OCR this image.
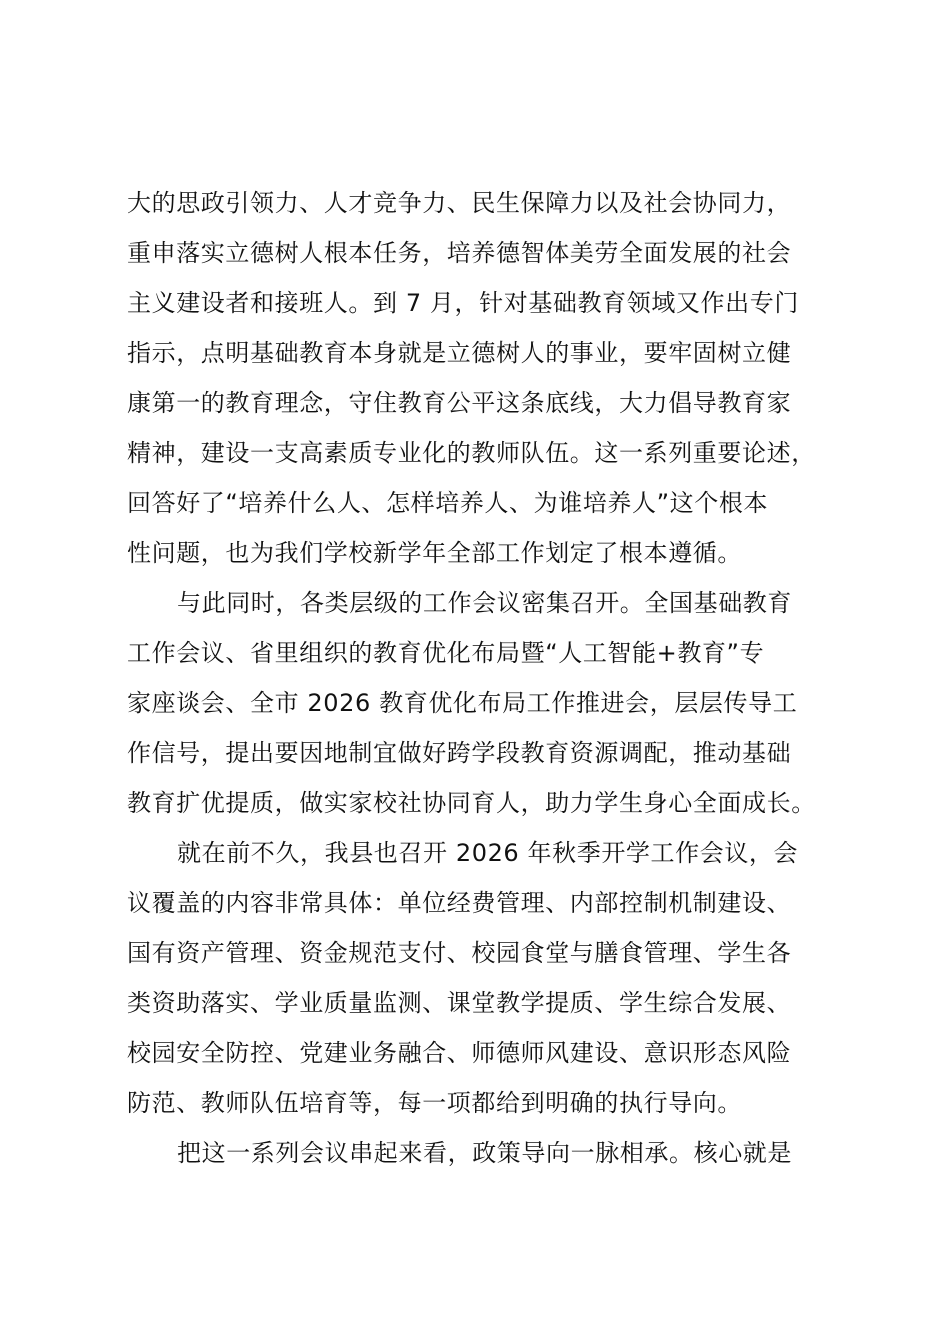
大的思政引领力、人才竞争力、民生保障力以及社会协同力，
重申落实立德树人根本任务，培养德智体美劳全面发展的社会
主义建设者和接班人。到 7 月，针对基础教育领域又作出专门
指示，点明基础教育本身就是立德树人的事业，要牢固树立健
康第一的教育理念，守住教育公平这条底线，大力倡导教育家
精神，建设一支高素质专业化的教师队伍。这一系列重要论述，
回答好了“培养什么人、怎样培养人、为谁培养人”这个根本
性问题，也为我们学校新学年全部工作划定了根本遵循。
与此同时，各类层级的工作会议密集召开。全国基础教育
工作会议、省里组织的教育优化布局暨“人工智能+教育”专
家座谈会、全市 2026 教育优化布局工作推进会，层层传导工
作信号，提出要因地制宜做好跨学段教育资源调配，推动基础
教育扩优提质，做实家校社协同育人，助力学生身心全面成长。
就在前不久，我县也召开 2026 年秋季开学工作会议，会
议覆盖的内容非常具体：单位经费管理、内部控制机制建设、
国有资产管理、资金规范支付、校园食堂与膳食管理、学生各
类资助落实、学业质量监测、课堂教学提质、学生综合发展、
校园安全防控、党建业务融合、师德师风建设、意识形态风险
防范、教师队伍培育等，每一项都给到明确的执行导向。
把这一系列会议串起来看，政策导向一脉相承。核心就是
